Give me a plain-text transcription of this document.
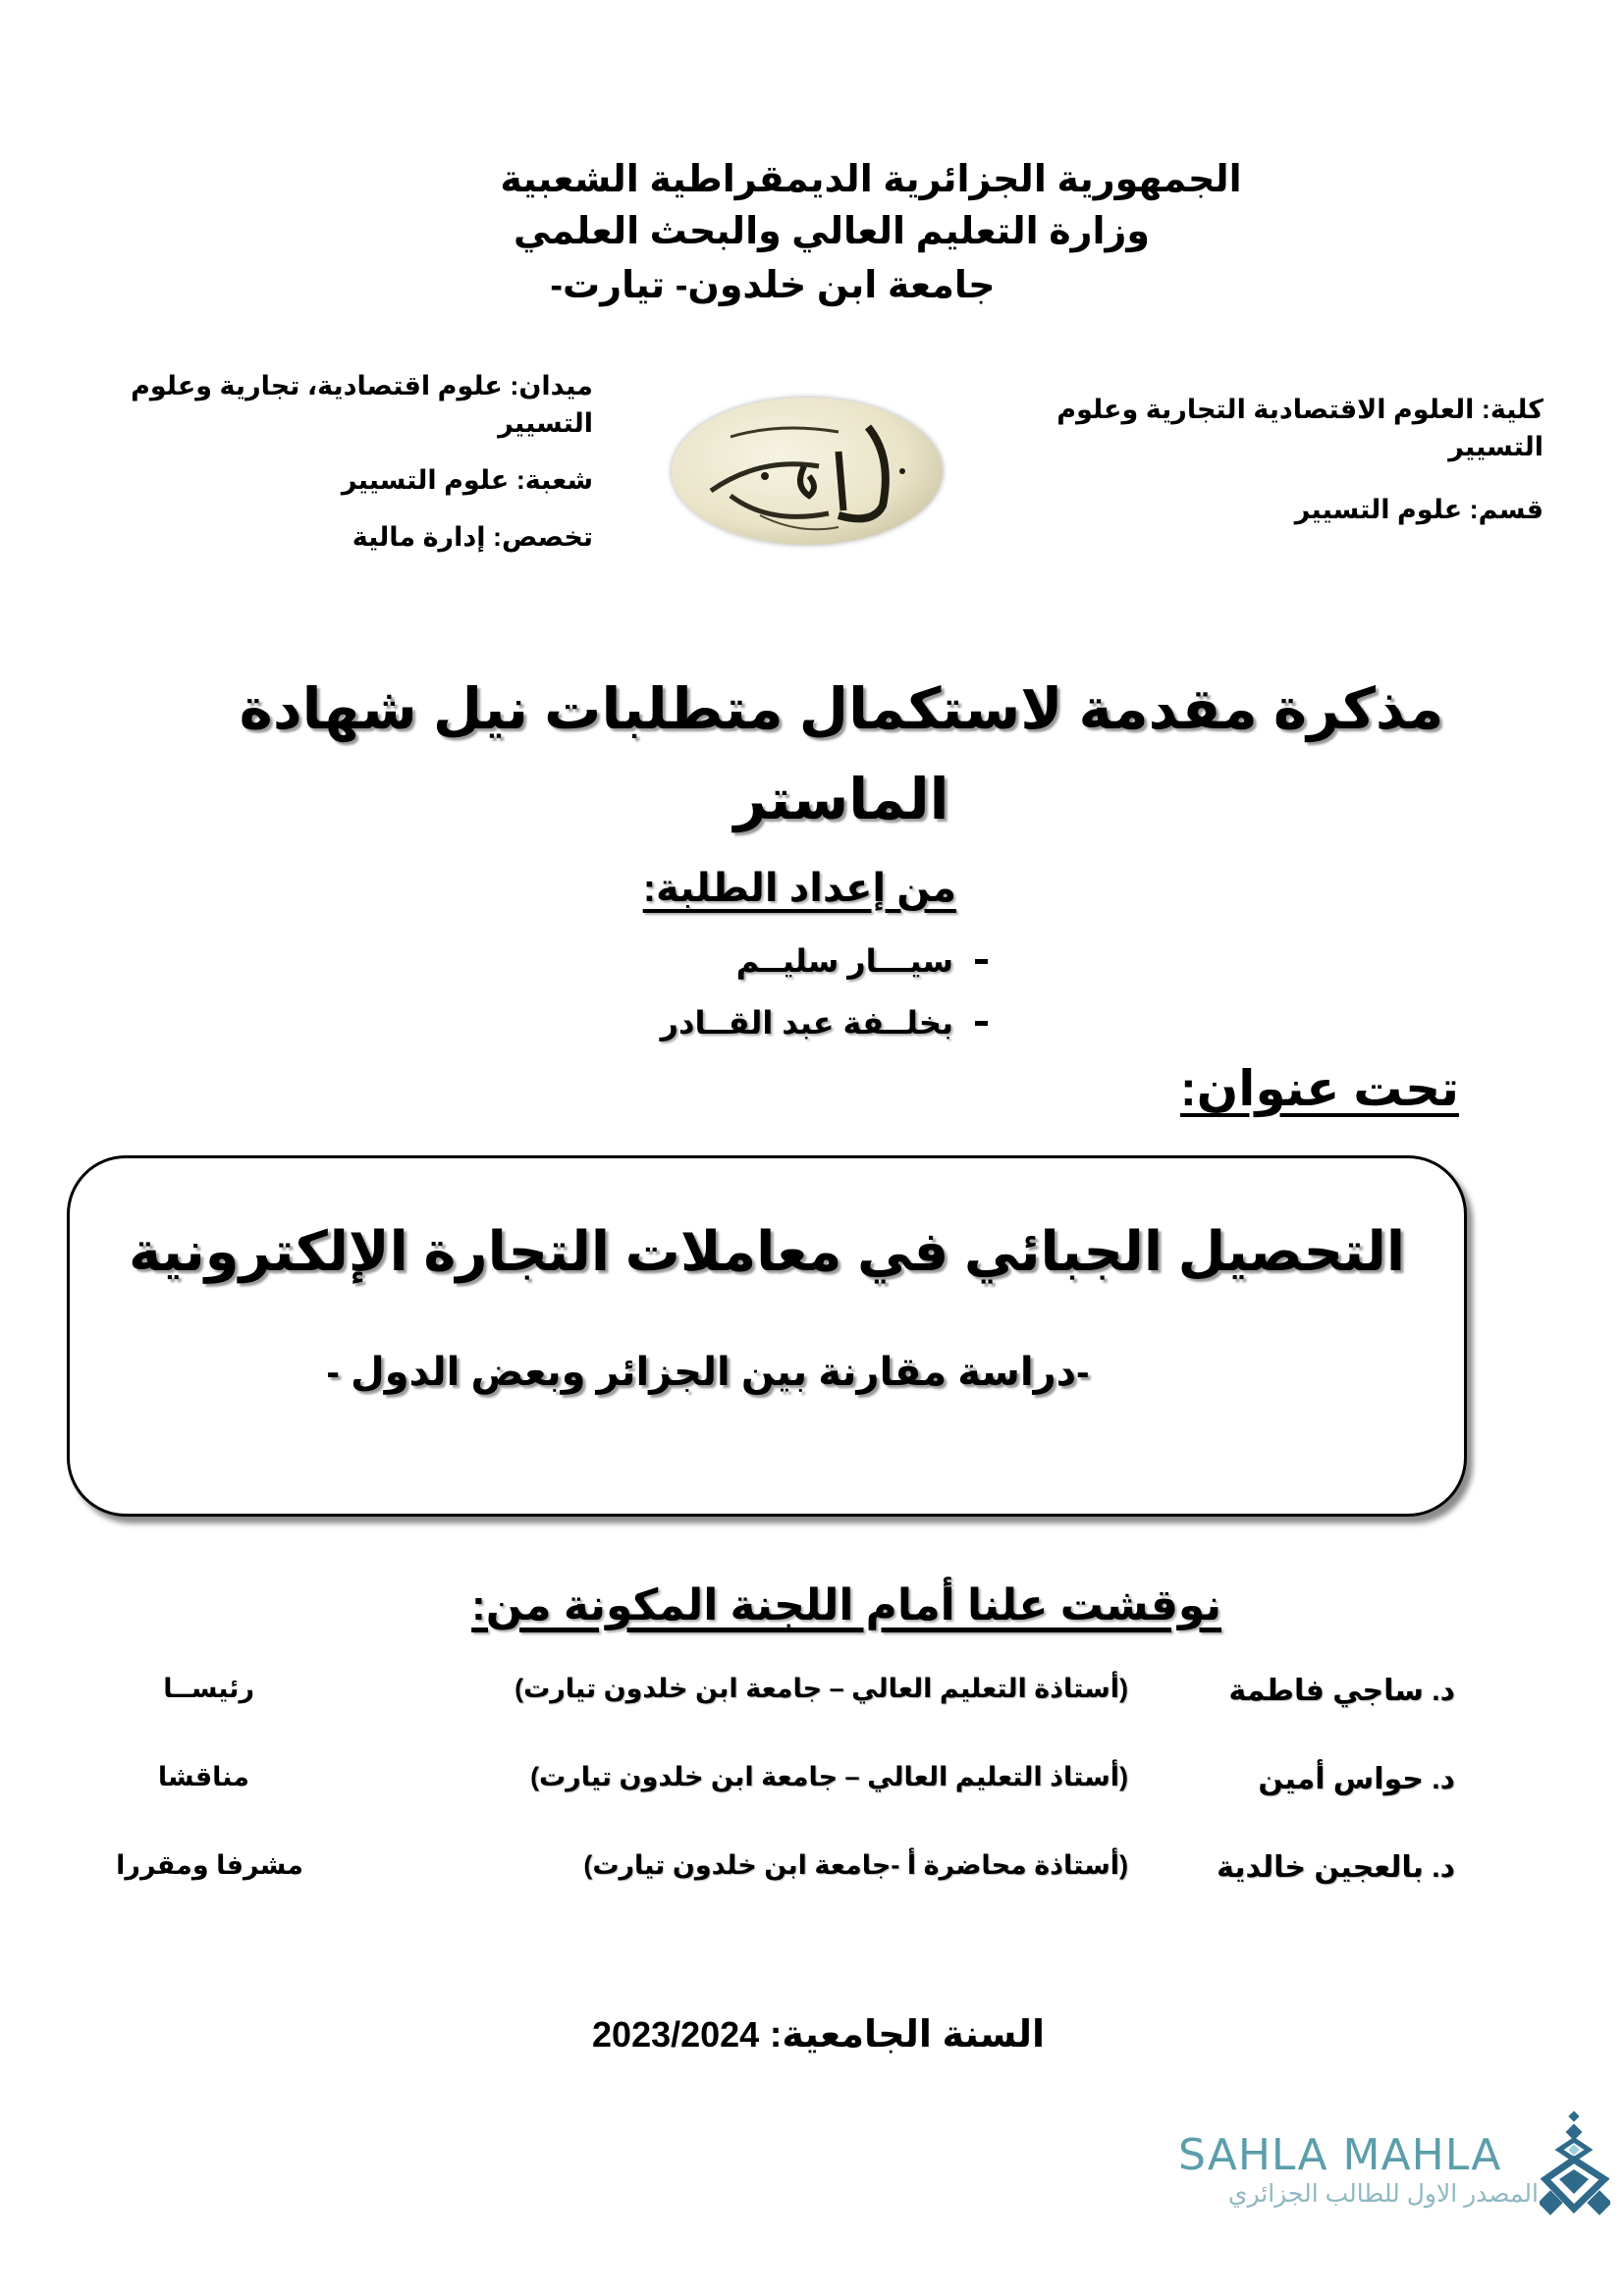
الجمهورية الجزائرية الديمقراطية الشعبية
وزارة التعليم العالي والبحث العلمي
جامعة ابن خلدون- تيارت-
كلية: العلوم الاقتصادية التجارية وعلوم التسيير
قسم: علوم التسيير
ميدان: علوم اقتصادية، تجارية وعلوم التسيير
شعبة: علوم التسيير
تخصص: إدارة مالية
مذكرة مقدمة لاستكمال متطلبات نيل شهادة
الماستر
من إعداد الطلبة:
سيـــار سليــم
بخلــفة عبد القــادر
تحت عنوان:
التحصيل الجبائي في معاملات التجارة الإلكترونية
-دراسة مقارنة بين الجزائر وبعض الدول -
نوقشت علنا أمام اللجنة المكونة من:
د. ساجي فاطمة
(أستاذة التعليم العالي – جامعة ابن خلدون تيارت)
رئيســا
د. حواس أمين
(أستاذ التعليم العالي – جامعة ابن خلدون تيارت)
مناقشا
د. بالعجين خالدية
(أستاذة محاضرة أ -جامعة ابن خلدون تيارت)
مشرفا ومقررا
السنة الجامعية: 2023/2024
SAHLA MAHLA
المصدر الاول للطالب الجزائري
